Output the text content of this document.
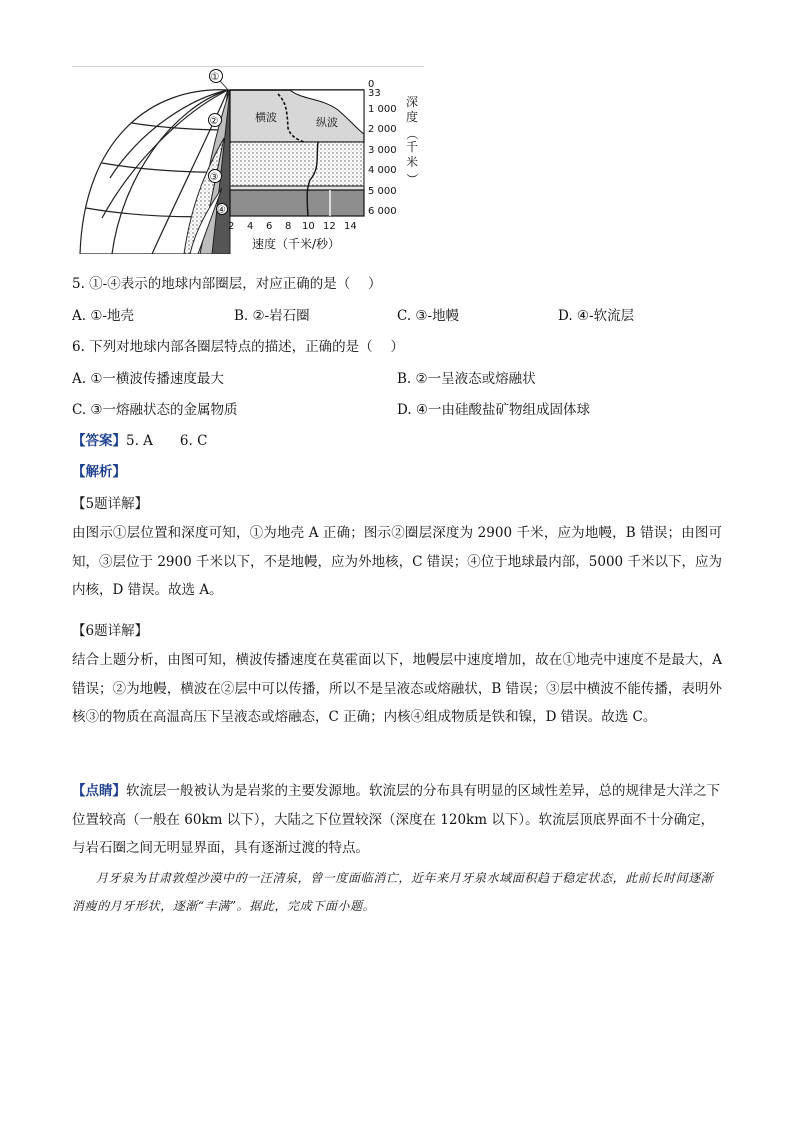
横波	纵波
①
②
③
④
0
33
1 000
2 000
3 000
4 000
5 000
6 000
深
度
（
千
米
）
2 4 6 8 10 12 14
速度（千米/秒）
5. ①-④表示的地球内部圈层，对应正确的是（　 ）
A. ①-地壳	B. ②-岩石圈	C. ③-地幔	D. ④-软流层
6. 下列对地球内部各圈层特点的描述，正确的是（　 ）
A. ①一横波传播速度最大	B. ②一呈液态或熔融状
C. ③一熔融状态的金属物质	D. ④一由硅酸盐矿物组成固体球
【答案】5. A　　6. C
【解析】
【5题详解】
由图示①层位置和深度可知，①为地壳 A 正确；图示②圈层深度为 2900 千米，应为地幔，B 错误；由图可知，③层位于 2900 千米以下，不是地幔，应为外地核，C 错误；④位于地球最内部，5000 千米以下，应为内核，D 错误。故选 A。
【6题详解】
结合上题分析，由图可知，横波传播速度在莫霍面以下，地幔层中速度增加，故在①地壳中速度不是最大，A 错误；②为地幔，横波在②层中可以传播，所以不是呈液态或熔融状，B 错误；③层中横波不能传播，表明外核③的物质在高温高压下呈液态或熔融态，C 正确；内核④组成物质是铁和镍，D 错误。故选 C。
【点睛】软流层一般被认为是岩浆的主要发源地。软流层的分布具有明显的区域性差异，总的规律是大洋之下位置较高（一般在 60km 以下），大陆之下位置较深（深度在 120km 以下）。软流层顶底界面不十分确定，与岩石圈之间无明显界面，具有逐渐过渡的特点。
月牙泉为甘肃敦煌沙漠中的一汪清泉，曾一度面临消亡，近年来月牙泉水域面积趋于稳定状态，此前长时间逐渐消瘦的月牙形状，逐渐“丰满”。据此，完成下面小题。
